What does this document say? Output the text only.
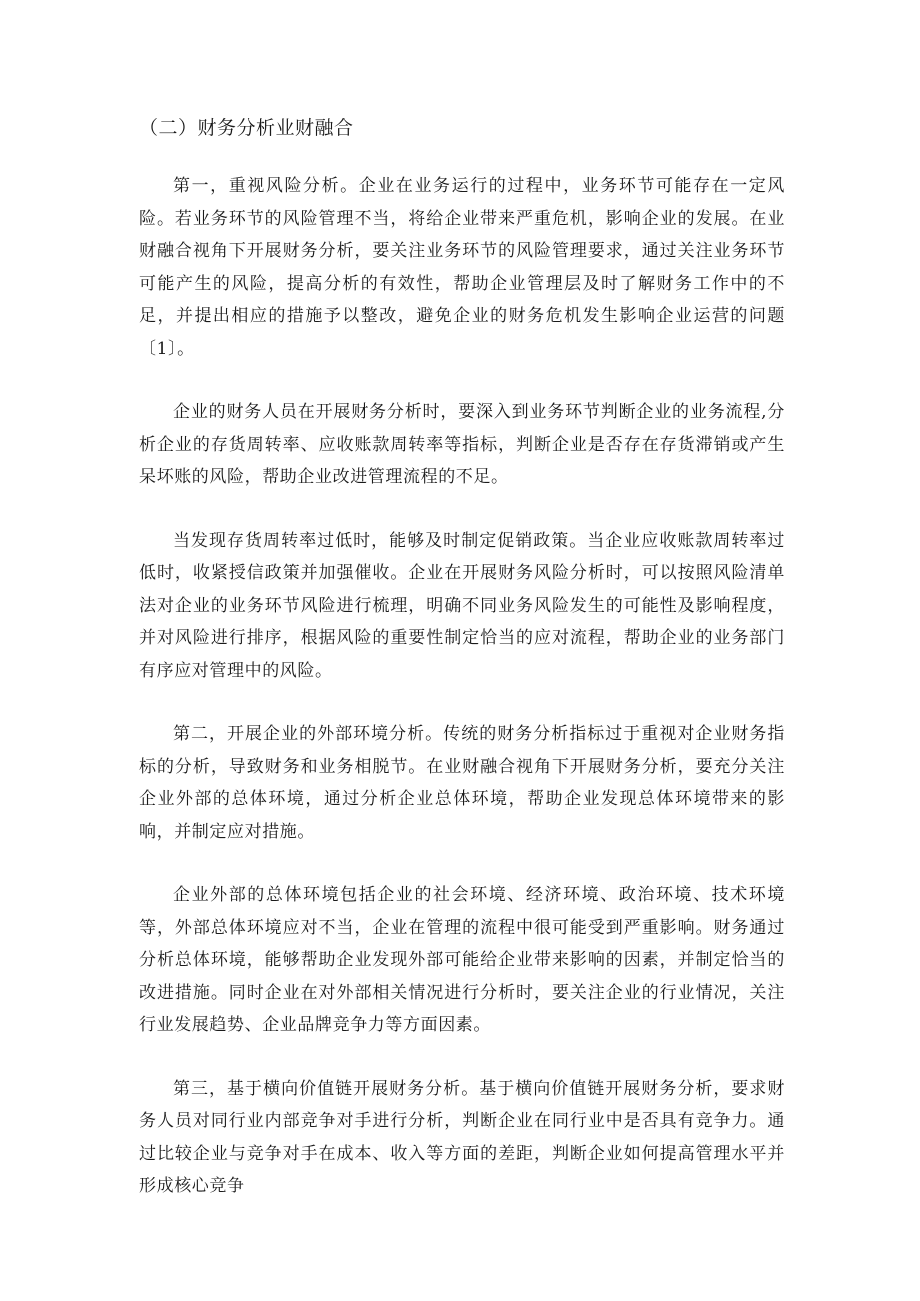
（二）财务分析业财融合

第一，重视风险分析。企业在业务运行的过程中，业务环节可能存在一定风险。若业务环节的风险管理不当，将给企业带来严重危机，影响企业的发展。在业财融合视角下开展财务分析，要关注业务环节的风险管理要求，通过关注业务环节可能产生的风险，提高分析的有效性，帮助企业管理层及时了解财务工作中的不足，并提出相应的措施予以整改，避免企业的财务危机发生影响企业运营的问题〔1〕。

企业的财务人员在开展财务分析时，要深入到业务环节判断企业的业务流程,分析企业的存货周转率、应收账款周转率等指标，判断企业是否存在存货滞销或产生呆坏账的风险，帮助企业改进管理流程的不足。

当发现存货周转率过低时，能够及时制定促销政策。当企业应收账款周转率过低时，收紧授信政策并加强催收。企业在开展财务风险分析时，可以按照风险清单法对企业的业务环节风险进行梳理，明确不同业务风险发生的可能性及影响程度，并对风险进行排序，根据风险的重要性制定恰当的应对流程，帮助企业的业务部门有序应对管理中的风险。

第二，开展企业的外部环境分析。传统的财务分析指标过于重视对企业财务指标的分析，导致财务和业务相脱节。在业财融合视角下开展财务分析，要充分关注企业外部的总体环境，通过分析企业总体环境，帮助企业发现总体环境带来的影响，并制定应对措施。

企业外部的总体环境包括企业的社会环境、经济环境、政治环境、技术环境等，外部总体环境应对不当，企业在管理的流程中很可能受到严重影响。财务通过分析总体环境，能够帮助企业发现外部可能给企业带来影响的因素，并制定恰当的改进措施。同时企业在对外部相关情况进行分析时，要关注企业的行业情况，关注行业发展趋势、企业品牌竞争力等方面因素。

第三，基于横向价值链开展财务分析。基于横向价值链开展财务分析，要求财务人员对同行业内部竞争对手进行分析，判断企业在同行业中是否具有竞争力。通过比较企业与竞争对手在成本、收入等方面的差距，判断企业如何提高管理水平并形成核心竞争
